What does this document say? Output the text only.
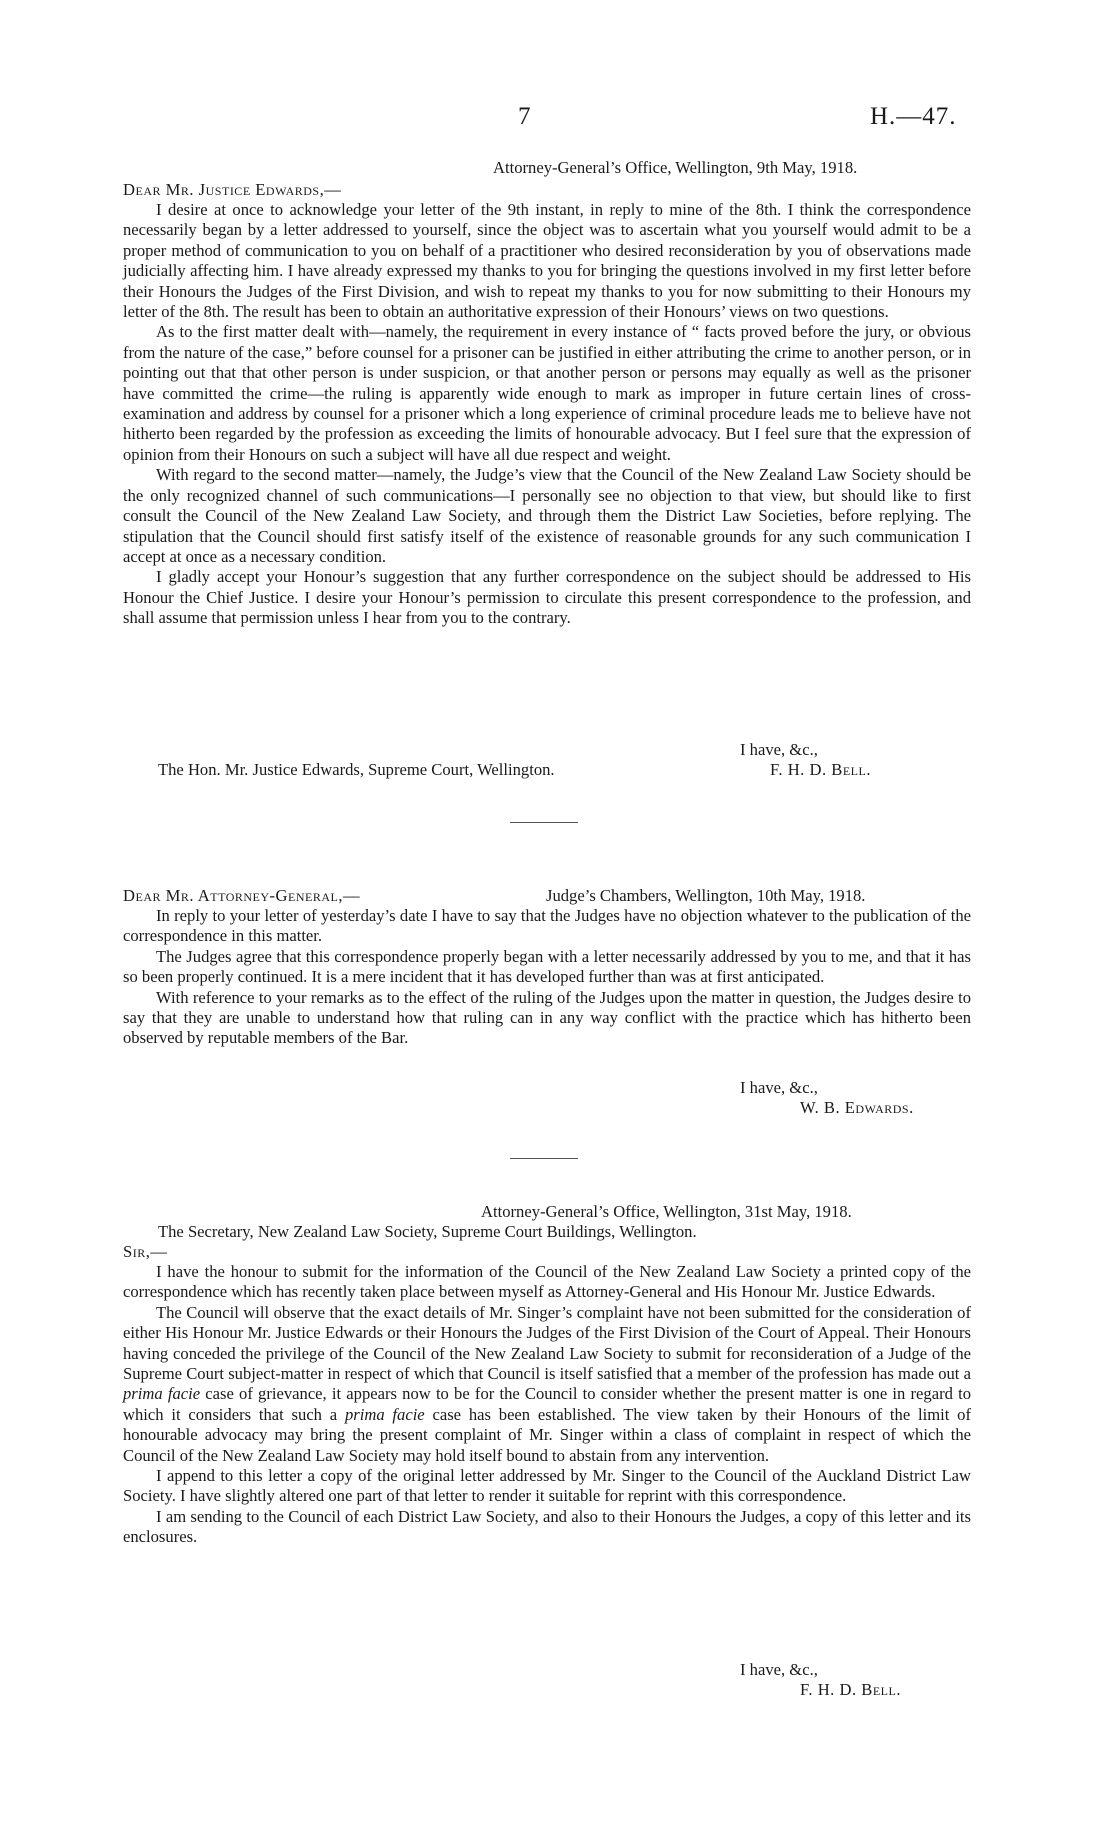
7	H.—47.
Attorney-General’s Office, Wellington, 9th May, 1918.
Dear Mr. Justice Edwards,—

I desire at once to acknowledge your letter of the 9th instant, in reply to mine of the 8th. I think the correspondence necessarily began by a letter addressed to yourself, since the object was to ascertain what you yourself would admit to be a proper method of communication to you on behalf of a practitioner who desired reconsideration by you of observations made judicially affecting him. I have already expressed my thanks to you for bringing the questions involved in my first letter before their Honours the Judges of the First Division, and wish to repeat my thanks to you for now submitting to their Honours my letter of the 8th. The result has been to obtain an authoritative expression of their Honours’ views on two questions.

As to the first matter dealt with—namely, the requirement in every instance of “ facts proved before the jury, or obvious from the nature of the case,” before counsel for a prisoner can be justified in either attributing the crime to another person, or in pointing out that that other person is under suspicion, or that another person or persons may equally as well as the prisoner have committed the crime—the ruling is apparently wide enough to mark as improper in future certain lines of cross-examination and address by counsel for a prisoner which a long experience of criminal procedure leads me to believe have not hitherto been regarded by the profession as exceeding the limits of honourable advocacy. But I feel sure that the expression of opinion from their Honours on such a subject will have all due respect and weight.

With regard to the second matter—namely, the Judge’s view that the Council of the New Zealand Law Society should be the only recognized channel of such communications—I personally see no objection to that view, but should like to first consult the Council of the New Zealand Law Society, and through them the District Law Societies, before replying. The stipulation that the Council should first satisfy itself of the existence of reasonable grounds for any such communication I accept at once as a necessary condition.

I gladly accept your Honour’s suggestion that any further correspondence on the subject should be addressed to His Honour the Chief Justice. I desire your Honour’s permission to circulate this present correspondence to the profession, and shall assume that permission unless I hear from you to the contrary.

I have, &c.,
The Hon. Mr. Justice Edwards, Supreme Court, Wellington.	F. H. D. Bell.
Dear Mr. Attorney-General,—	Judge’s Chambers, Wellington, 10th May, 1918.

In reply to your letter of yesterday’s date I have to say that the Judges have no objection whatever to the publication of the correspondence in this matter.

The Judges agree that this correspondence properly began with a letter necessarily addressed by you to me, and that it has so been properly continued. It is a mere incident that it has developed further than was at first anticipated.

With reference to your remarks as to the effect of the ruling of the Judges upon the matter in question, the Judges desire to say that they are unable to understand how that ruling can in any way conflict with the practice which has hitherto been observed by reputable members of the Bar.

I have, &c.,
W. B. Edwards.
Attorney-General’s Office, Wellington, 31st May, 1918.
The Secretary, New Zealand Law Society, Supreme Court Buildings, Wellington.
Sir,—

I have the honour to submit for the information of the Council of the New Zealand Law Society a printed copy of the correspondence which has recently taken place between myself as Attorney-General and His Honour Mr. Justice Edwards.

The Council will observe that the exact details of Mr. Singer’s complaint have not been submitted for the consideration of either His Honour Mr. Justice Edwards or their Honours the Judges of the First Division of the Court of Appeal. Their Honours having conceded the privilege of the Council of the New Zealand Law Society to submit for reconsideration of a Judge of the Supreme Court subject-matter in respect of which that Council is itself satisfied that a member of the profession has made out a prima facie case of grievance, it appears now to be for the Council to consider whether the present matter is one in regard to which it considers that such a prima facie case has been established. The view taken by their Honours of the limit of honourable advocacy may bring the present complaint of Mr. Singer within a class of complaint in respect of which the Council of the New Zealand Law Society may hold itself bound to abstain from any intervention.

I append to this letter a copy of the original letter addressed by Mr. Singer to the Council of the Auckland District Law Society. I have slightly altered one part of that letter to render it suitable for reprint with this correspondence.

I am sending to the Council of each District Law Society, and also to their Honours the Judges, a copy of this letter and its enclosures.

I have, &c.,
F. H. D. Bell.
